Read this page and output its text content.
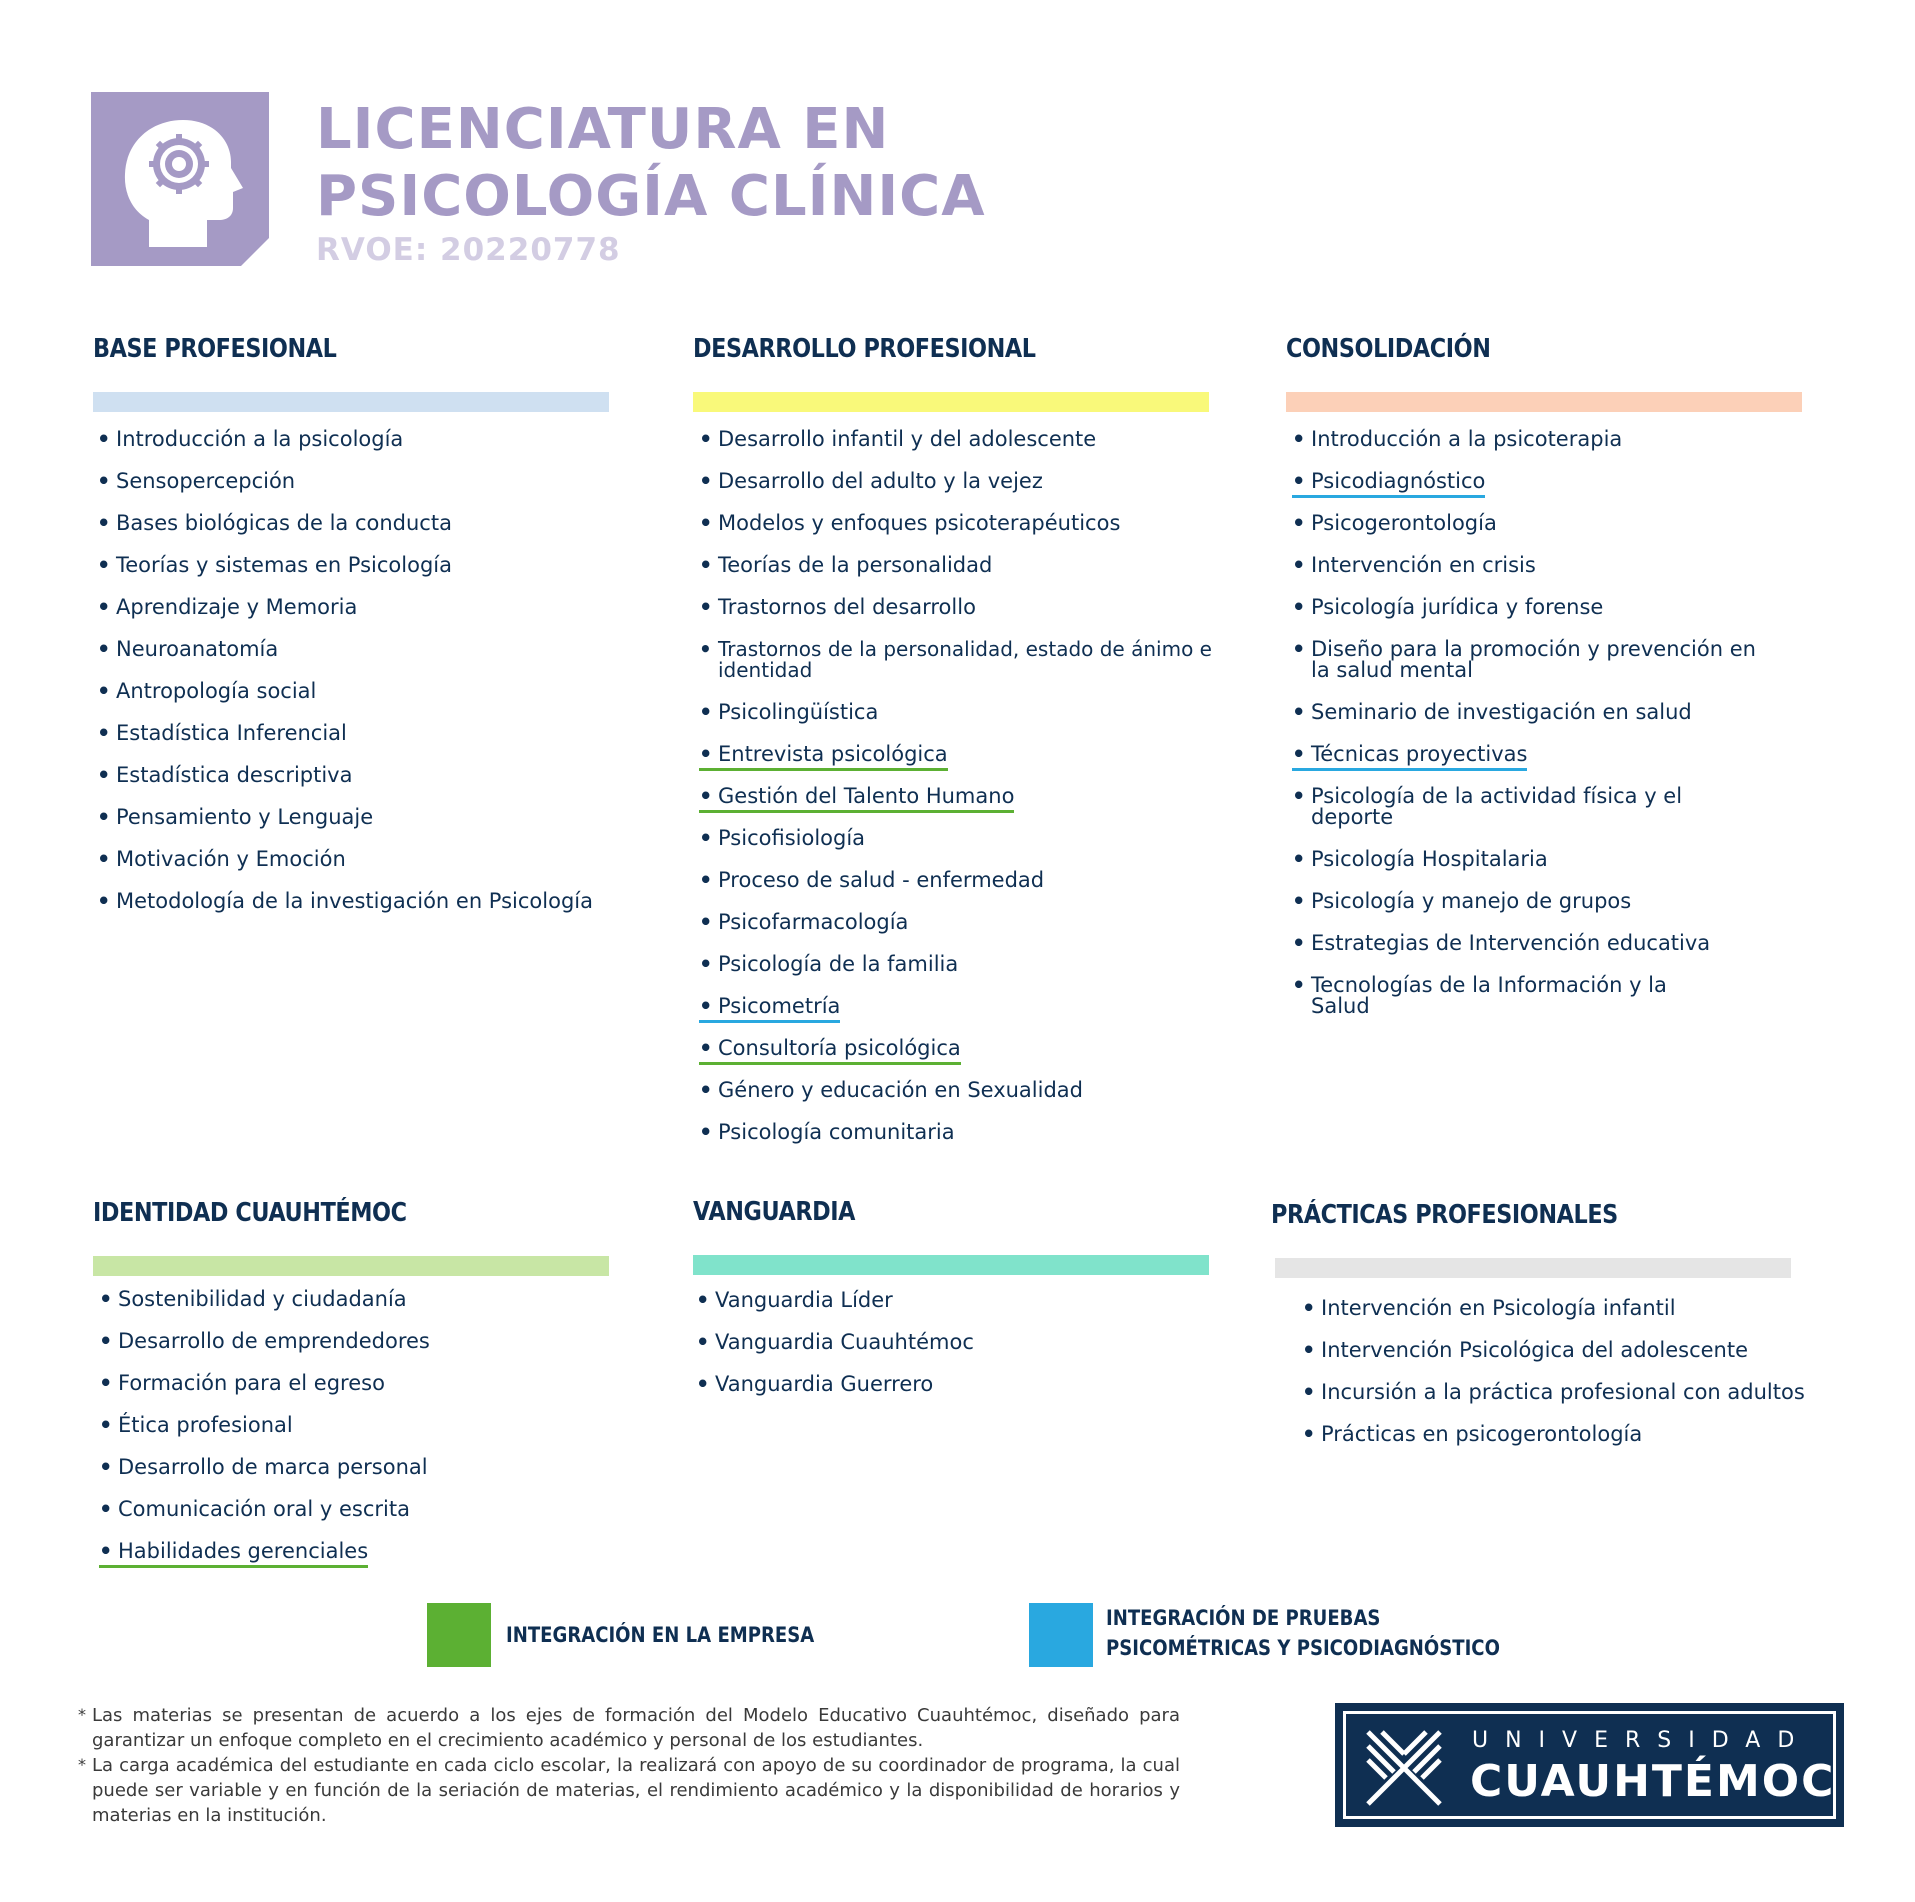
LICENCIATURA EN
PSICOLOGÍA CLÍNICA
RVOE: 20220778
BASE PROFESIONAL
• Introducción a la psicología
• Sensopercepción
• Bases biológicas de la conducta
• Teorías y sistemas en Psicología
• Aprendizaje y Memoria
• Neuroanatomía
• Antropología social
• Estadística Inferencial
• Estadística descriptiva
• Pensamiento y Lenguaje
• Motivación y Emoción
• Metodología de la investigación en Psicología
DESARROLLO PROFESIONAL
• Desarrollo infantil y del adolescente
• Desarrollo del adulto y la vejez
• Modelos y enfoques psicoterapéuticos
• Teorías de la personalidad
• Trastornos del desarrollo
• Trastornos de la personalidad, estado de ánimo e identidad
• Psicolingüística
• Entrevista psicológica
• Gestión del Talento Humano
• Psicofisiología
• Proceso de salud - enfermedad
• Psicofarmacología
• Psicología de la familia
• Psicometría
• Consultoría psicológica
• Género y educación en Sexualidad
• Psicología comunitaria
CONSOLIDACIÓN
• Introducción a la psicoterapia
• Psicodiagnóstico
• Psicogerontología
• Intervención en crisis
• Psicología jurídica y forense
• Diseño para la promoción y prevención en la salud mental
• Seminario de investigación en salud
• Técnicas proyectivas
• Psicología de la actividad física y el deporte
• Psicología Hospitalaria
• Psicología y manejo de grupos
• Estrategias de Intervención educativa
• Tecnologías de la Información y la Salud
IDENTIDAD CUAUHTÉMOC
• Sostenibilidad y ciudadanía
• Desarrollo de emprendedores
• Formación para el egreso
• Ética profesional
• Desarrollo de marca personal
• Comunicación oral y escrita
• Habilidades gerenciales
VANGUARDIA
• Vanguardia Líder
• Vanguardia Cuauhtémoc
• Vanguardia Guerrero
PRÁCTICAS PROFESIONALES
• Intervención en Psicología infantil
• Intervención Psicológica del adolescente
• Incursión a la práctica profesional con adultos
• Prácticas en psicogerontología
INTEGRACIÓN EN LA EMPRESA
INTEGRACIÓN DE PRUEBAS
PSICOMÉTRICAS Y PSICODIAGNÓSTICO

* Las materias se presentan de acuerdo a los ejes de formación del Modelo Educativo Cuauhtémoc, diseñado para garantizar un enfoque completo en el crecimiento académico y personal de los estudiantes.

* La carga académica del estudiante en cada ciclo escolar, la realizará con apoyo de su coordinador de programa, la cual puede ser variable y en función de la seriación de materias, el rendimiento académico y la disponibilidad de horarios y materias en la institución.

UNIVERSIDAD
CUAUHTÉMOC
